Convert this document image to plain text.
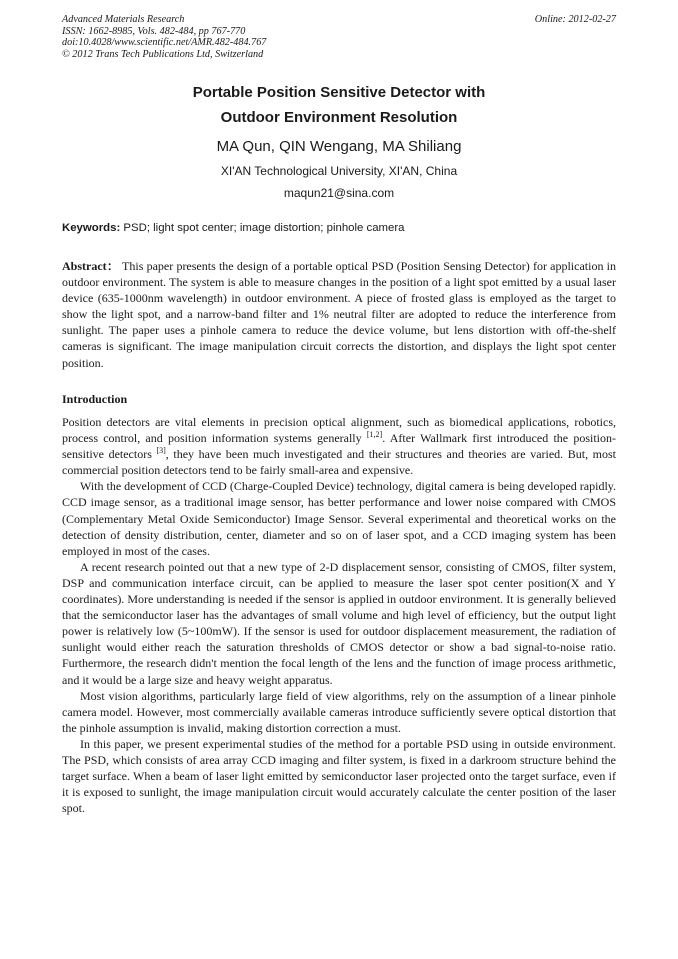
Advanced Materials Research
ISSN: 1662-8985, Vols. 482-484, pp 767-770
doi:10.4028/www.scientific.net/AMR.482-484.767
© 2012 Trans Tech Publications Ltd, Switzerland
Online: 2012-02-27
Portable Position Sensitive Detector with
Outdoor Environment Resolution
MA Qun, QIN Wengang, MA Shiliang
XI'AN Technological University, XI'AN, China
maqun21@sina.com
Keywords: PSD; light spot center; image distortion; pinhole camera
Abstract： This paper presents the design of a portable optical PSD (Position Sensing Detector) for application in outdoor environment. The system is able to measure changes in the position of a light spot emitted by a usual laser device (635-1000nm wavelength) in outdoor environment. A piece of frosted glass is employed as the target to show the light spot, and a narrow-band filter and 1% neutral filter are adopted to reduce the interference from sunlight. The paper uses a pinhole camera to reduce the device volume, but lens distortion with off-the-shelf cameras is significant. The image manipulation circuit corrects the distortion, and displays the light spot center position.
Introduction

Position detectors are vital elements in precision optical alignment, such as biomedical applications, robotics, process control, and position information systems generally [1,2]. After Wallmark first introduced the position-sensitive detectors [3], they have been much investigated and their structures and theories are varied. But, most commercial position detectors tend to be fairly small-area and expensive.

With the development of CCD (Charge-Coupled Device) technology, digital camera is being developed rapidly. CCD image sensor, as a traditional image sensor, has better performance and lower noise compared with CMOS (Complementary Metal Oxide Semiconductor) Image Sensor. Several experimental and theoretical works on the detection of density distribution, center, diameter and so on of laser spot, and a CCD imaging system has been employed in most of the cases.

A recent research pointed out that a new type of 2-D displacement sensor, consisting of CMOS, filter system, DSP and communication interface circuit, can be applied to measure the laser spot center position(X and Y coordinates). More understanding is needed if the sensor is applied in outdoor environment. It is generally believed that the semiconductor laser has the advantages of small volume and high level of efficiency, but the output light power is relatively low (5~100mW). If the sensor is used for outdoor displacement measurement, the radiation of sunlight would either reach the saturation thresholds of CMOS detector or show a bad signal-to-noise ratio. Furthermore, the research didn't mention the focal length of the lens and the function of image process arithmetic, and it would be a large size and heavy weight apparatus.

Most vision algorithms, particularly large field of view algorithms, rely on the assumption of a linear pinhole camera model. However, most commercially available cameras introduce sufficiently severe optical distortion that the pinhole assumption is invalid, making distortion correction a must.

In this paper, we present experimental studies of the method for a portable PSD using in outside environment. The PSD, which consists of area array CCD imaging and filter system, is fixed in a darkroom structure behind the target surface. When a beam of laser light emitted by semiconductor laser projected onto the target surface, even if it is exposed to sunlight, the image manipulation circuit would accurately calculate the center position of the laser spot.
